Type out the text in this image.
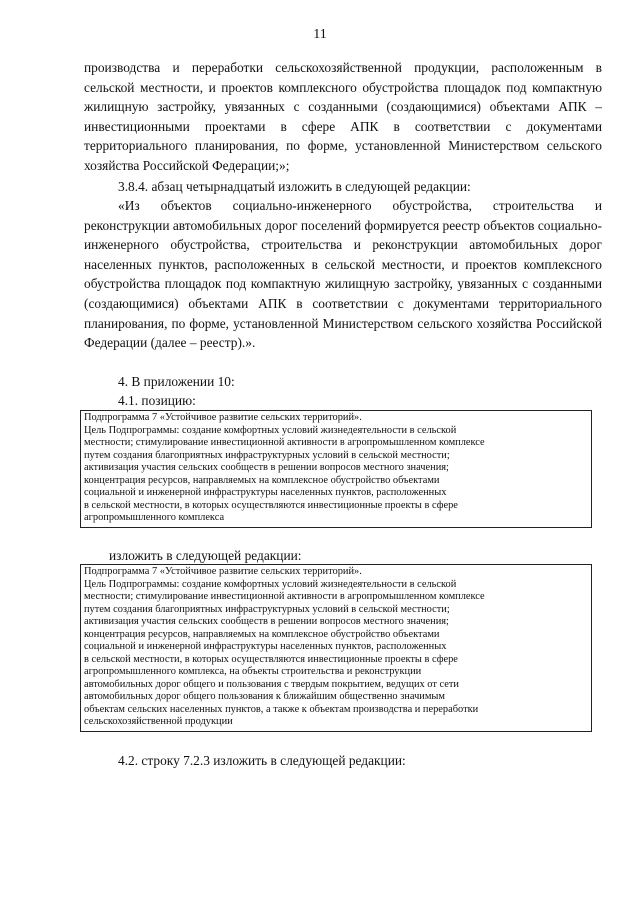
11

производства и переработки сельскохозяйственной продукции, расположенным в сельской местности, и проектов комплексного обустройства площадок под компактную жилищную застройку, увязанных с созданными (создающимися) объектами АПК – инвестиционными проектами в сфере АПК в соответствии с документами территориального планирования, по форме, установленной Министерством сельского хозяйства Российской Федерации;»;

3.8.4. абзац четырнадцатый изложить в следующей редакции:

«Из объектов социально-инженерного обустройства, строительства и реконструкции автомобильных дорог поселений формируется реестр объектов социально-инженерного обустройства, строительства и реконструкции автомобильных дорог населенных пунктов, расположенных в сельской местности, и проектов комплексного обустройства площадок под компактную жилищную застройку, увязанных с созданными (создающимися) объектами АПК в соответствии с документами территориального планирования, по форме, установленной Министерством сельского хозяйства Российской Федерации (далее – реестр).».

4. В приложении 10:

4.1. позицию:

Подпрограмма 7 «Устойчивое развитие сельских территорий».
Цель Подпрограммы: создание комфортных условий жизнедеятельности в сельской
местности; стимулирование инвестиционной активности в агропромышленном комплексе
путем создания благоприятных инфраструктурных условий в сельской местности;
активизация участия сельских сообществ в решении вопросов местного значения;
концентрация ресурсов, направляемых на комплексное обустройство объектами
социальной и инженерной инфраструктуры населенных пунктов, расположенных
в сельской местности, в которых осуществляются инвестиционные проекты в сфере
агропромышленного комплекса

изложить в следующей редакции:

Подпрограмма 7 «Устойчивое развитие сельских территорий».
Цель Подпрограммы: создание комфортных условий жизнедеятельности в сельской
местности; стимулирование инвестиционной активности в агропромышленном комплексе
путем создания благоприятных инфраструктурных условий в сельской местности;
активизация участия сельских сообществ в решении вопросов местного значения;
концентрация ресурсов, направляемых на комплексное обустройство объектами
социальной и инженерной инфраструктуры населенных пунктов, расположенных
в сельской местности, в которых осуществляются инвестиционные проекты в сфере
агропромышленного комплекса, на объекты строительства и реконструкции
автомобильных дорог общего и пользования с твердым покрытием, ведущих от сети
автомобильных дорог общего пользования к ближайшим общественно значимым
объектам сельских населенных пунктов, а также к объектам производства и переработки
сельскохозяйственной продукции

4.2. строку 7.2.3 изложить в следующей редакции:
